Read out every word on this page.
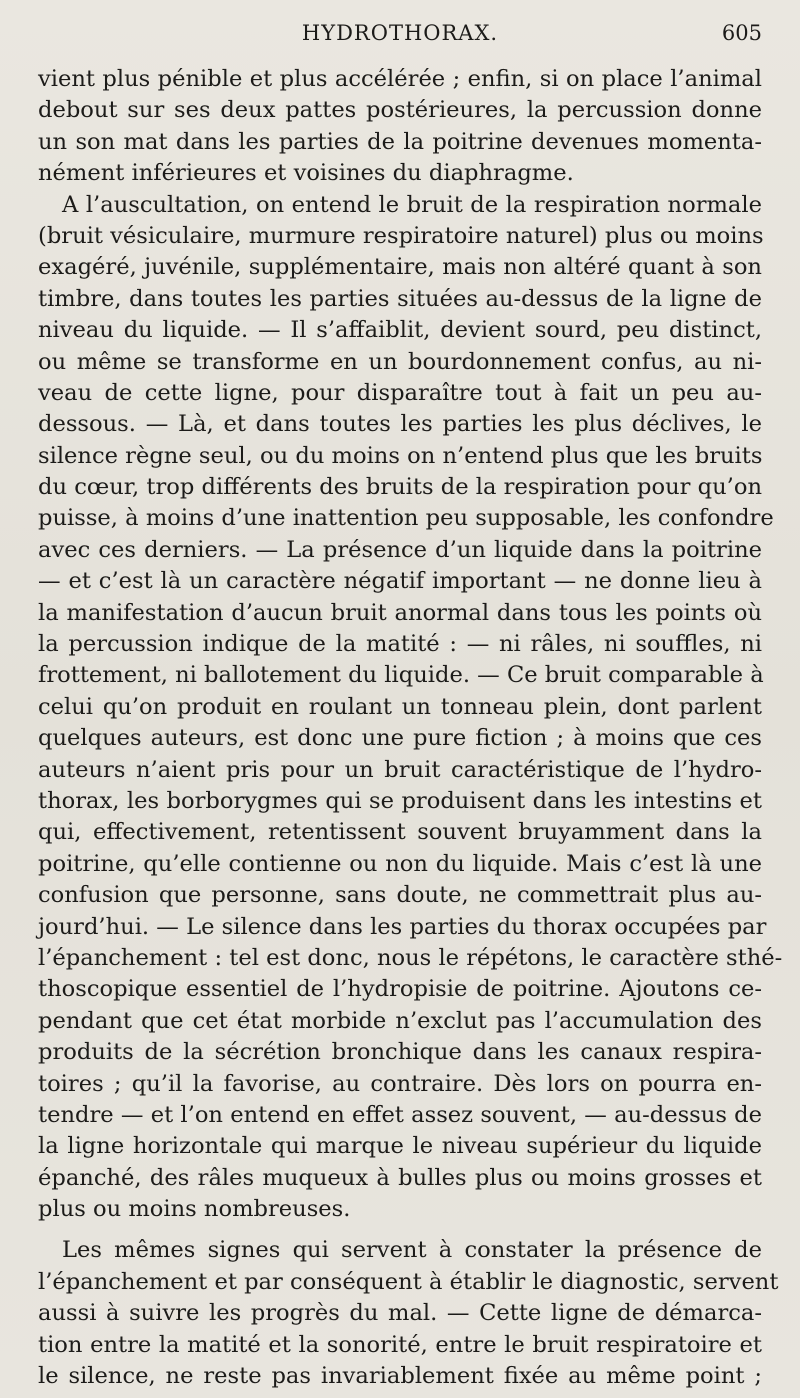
HYDROTHORAX.	605
vient plus pénible et plus accélérée ; enfin, si on place l’animal
debout sur ses deux pattes postérieures, la percussion donne
un son mat dans les parties de la poitrine devenues momenta-
nément inférieures et voisines du diaphragme.
A l’auscultation, on entend le bruit de la respiration normale
(bruit vésiculaire, murmure respiratoire naturel) plus ou moins
exagéré, juvénile, supplémentaire, mais non altéré quant à son
timbre, dans toutes les parties situées au-dessus de la ligne de
niveau du liquide. — Il s’affaiblit, devient sourd, peu distinct,
ou même se transforme en un bourdonnement confus, au ni-
veau de cette ligne, pour disparaître tout à fait un peu au-
dessous. — Là, et dans toutes les parties les plus déclives, le
silence règne seul, ou du moins on n’entend plus que les bruits
du cœur, trop différents des bruits de la respiration pour qu’on
puisse, à moins d’une inattention peu supposable, les confondre
avec ces derniers. — La présence d’un liquide dans la poitrine
— et c’est là un caractère négatif important — ne donne lieu à
la manifestation d’aucun bruit anormal dans tous les points où
la percussion indique de la matité : — ni râles, ni souffles, ni
frottement, ni ballotement du liquide. — Ce bruit comparable à
celui qu’on produit en roulant un tonneau plein, dont parlent
quelques auteurs, est donc une pure fiction ; à moins que ces
auteurs n’aient pris pour un bruit caractéristique de l’hydro-
thorax, les borborygmes qui se produisent dans les intestins et
qui, effectivement, retentissent souvent bruyamment dans la
poitrine, qu’elle contienne ou non du liquide. Mais c’est là une
confusion que personne, sans doute, ne commettrait plus au-
jourd’hui. — Le silence dans les parties du thorax occupées par
l’épanchement : tel est donc, nous le répétons, le caractère sthé-
thoscopique essentiel de l’hydropisie de poitrine. Ajoutons ce-
pendant que cet état morbide n’exclut pas l’accumulation des
produits de la sécrétion bronchique dans les canaux respira-
toires ; qu’il la favorise, au contraire. Dès lors on pourra en-
tendre — et l’on entend en effet assez souvent, — au-dessus de
la ligne horizontale qui marque le niveau supérieur du liquide
épanché, des râles muqueux à bulles plus ou moins grosses et
plus ou moins nombreuses.
Les mêmes signes qui servent à constater la présence de
l’épanchement et par conséquent à établir le diagnostic, servent
aussi à suivre les progrès du mal. — Cette ligne de démarca-
tion entre la matité et la sonorité, entre le bruit respiratoire et
le silence, ne reste pas invariablement fixée au même point ;
